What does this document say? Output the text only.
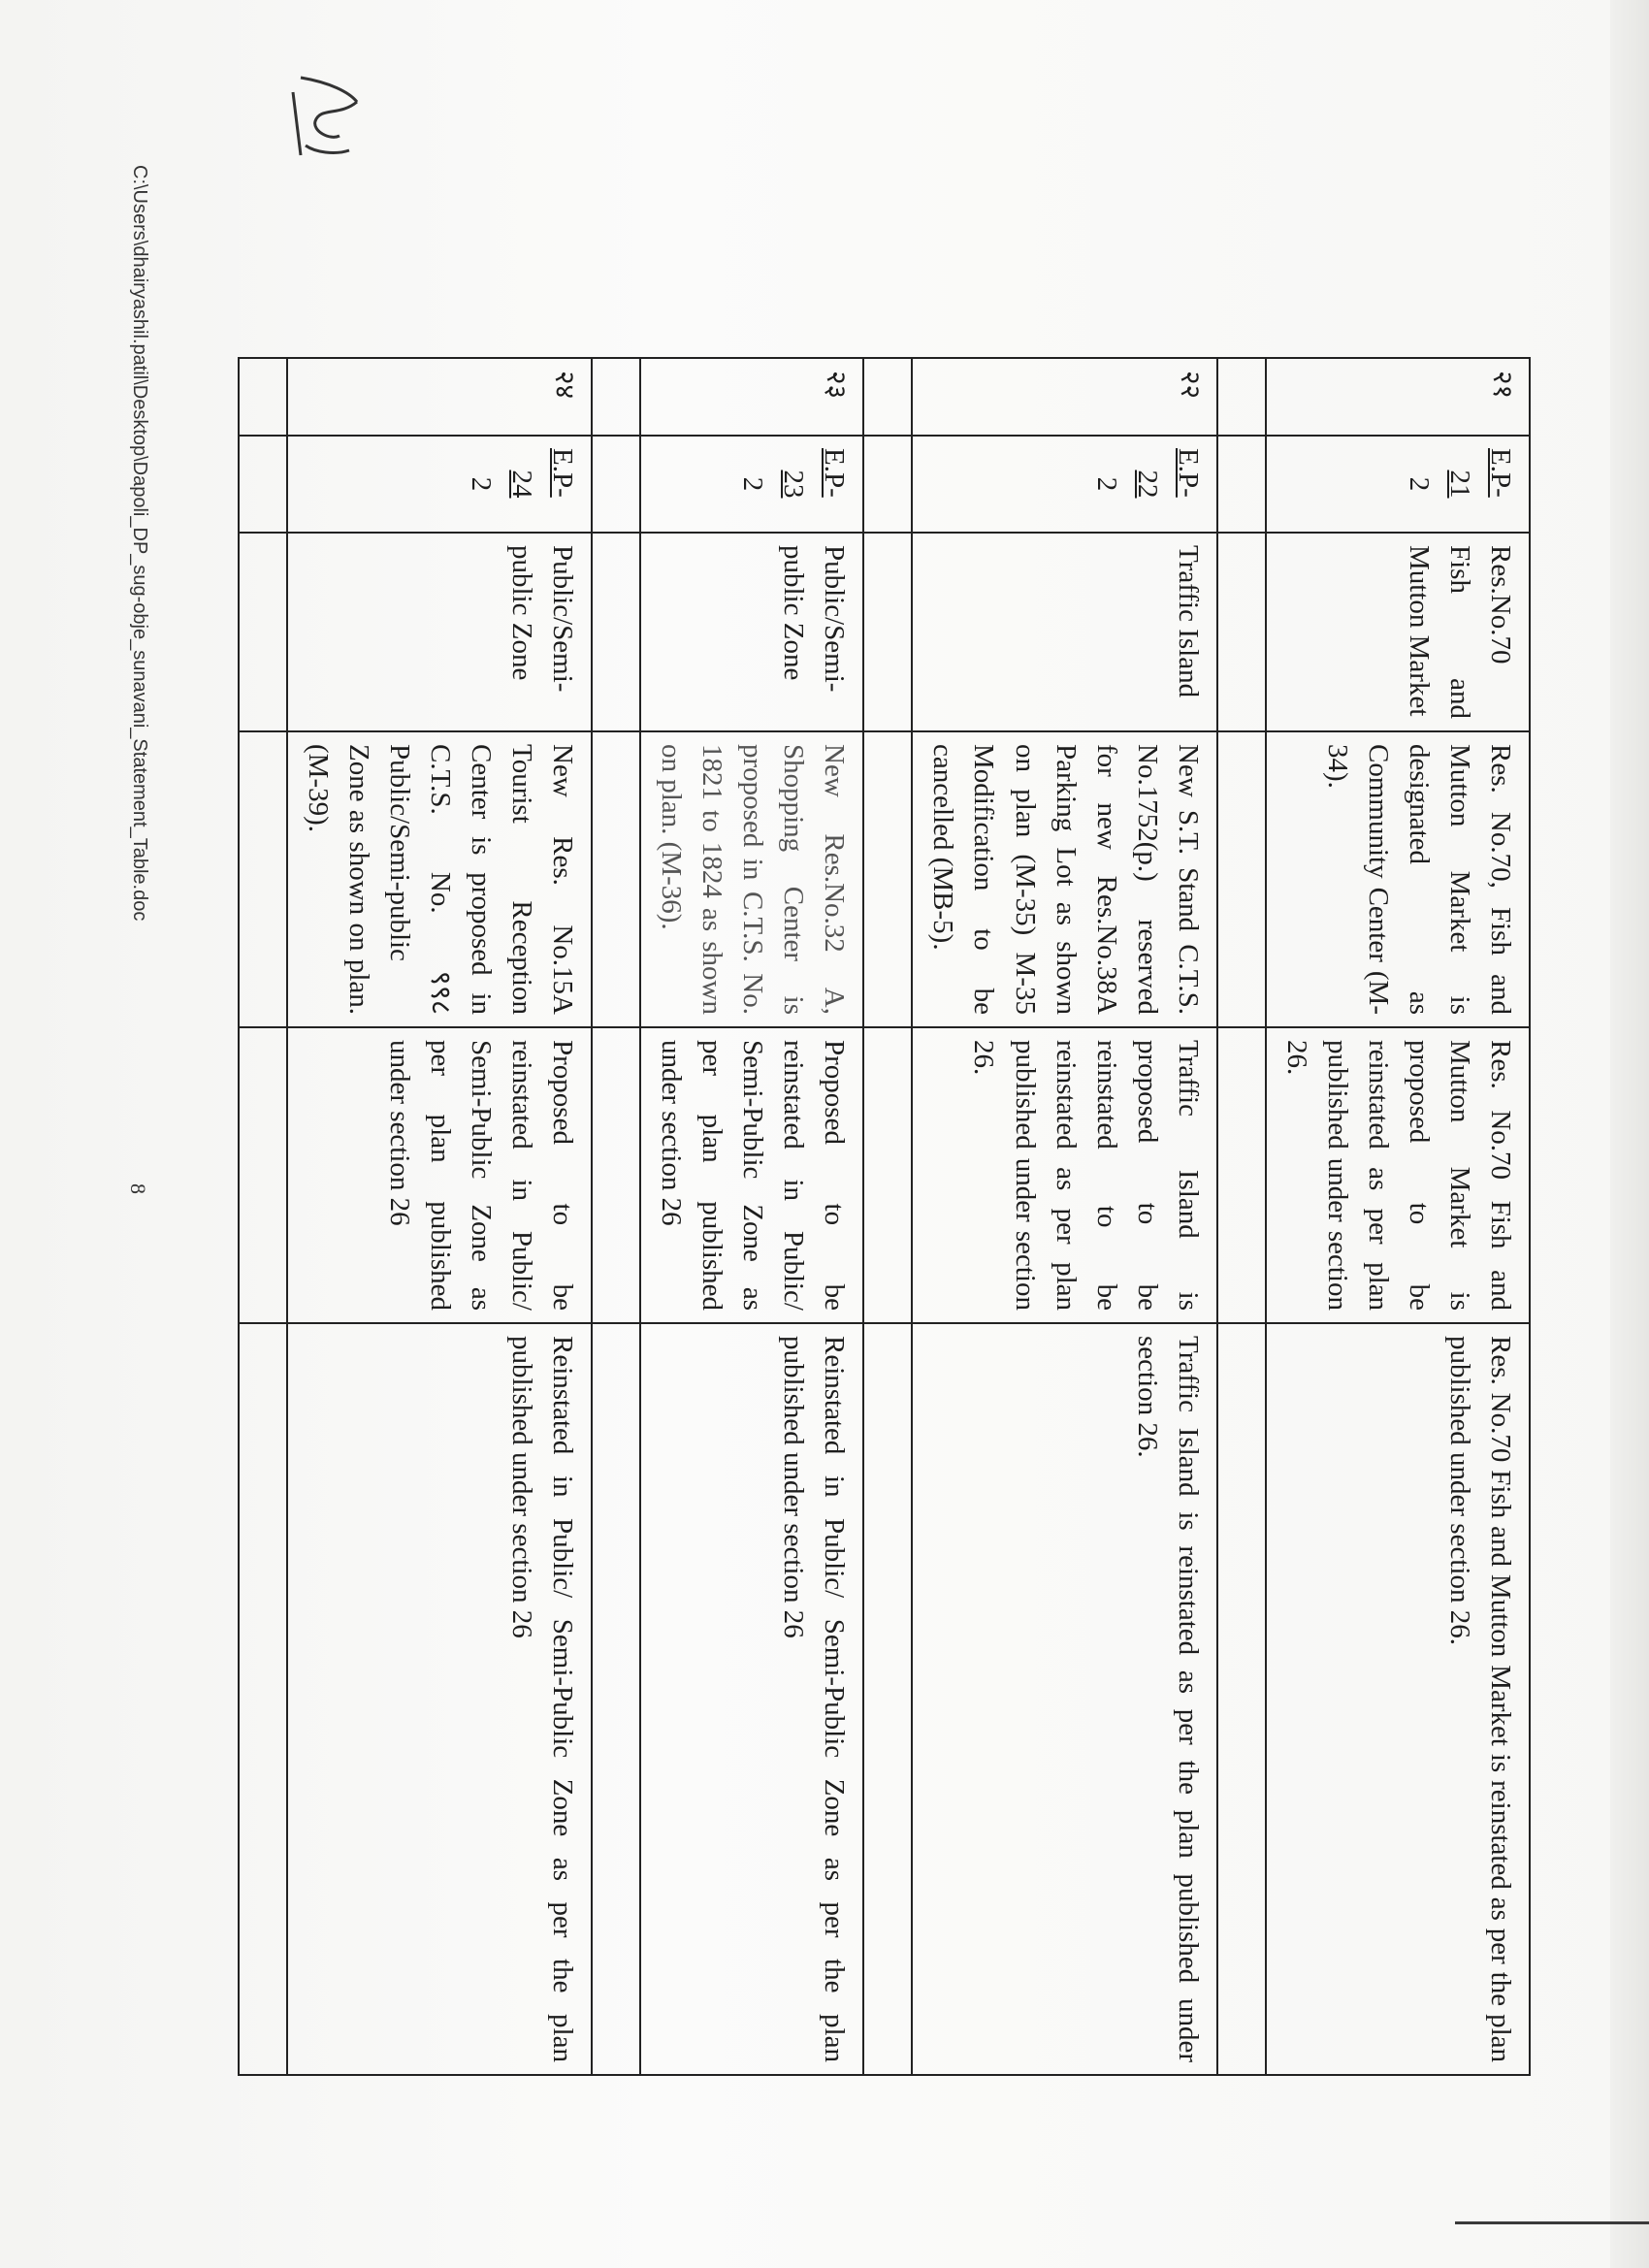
२१	E.P-
21
2	Res.No.70 Fish and Mutton Market	Res. No.70, Fish and Mutton Market is designated as Community Center (M-34).	Res. No.70 Fish and Mutton Market is proposed to be reinstated as per plan published under section 26.	Res. No.70 Fish and Mutton Market is reinstated as per the plan published under section 26.

२२	E.P-
22
2	Traffic Island	New S.T. Stand C.T.S. No.1752(p.) reserved for new Res.No.38A Parking Lot as shown on plan (M-35) M-35 Modification to be cancelled (MB-5).	Traffic Island is proposed to be reinstated to be reinstated as per plan published under section 26.	Traffic Island is reinstated as per the plan published under section 26.

२३	E.P-
23
2	Public/Semi-public Zone	New Res.No.32 A, Shopping Center is proposed in C.T.S. No. 1821 to 1824 as shown on plan. (M-36).	Proposed to be reinstated in Public/ Semi-Public Zone as per plan published under section 26	Reinstated in Public/ Semi-Public Zone as per the plan published under section 26

२४	E.P-
24
2	Public/Semi-public Zone	New Res. No.15A Tourist Reception Center is proposed in C.T.S. No. ९९८ Public/Semi-public Zone as shown on plan.(M-39).	Proposed to be reinstated in Public/ Semi-Public Zone as per plan published under section 26	Reinstated in Public/ Semi-Public Zone as per the plan published under section 26

C:\Users\dhairyashil.patil\Desktop\Dapoli_DP_sug-obje_sunavani_Statement_Table.doc
8
